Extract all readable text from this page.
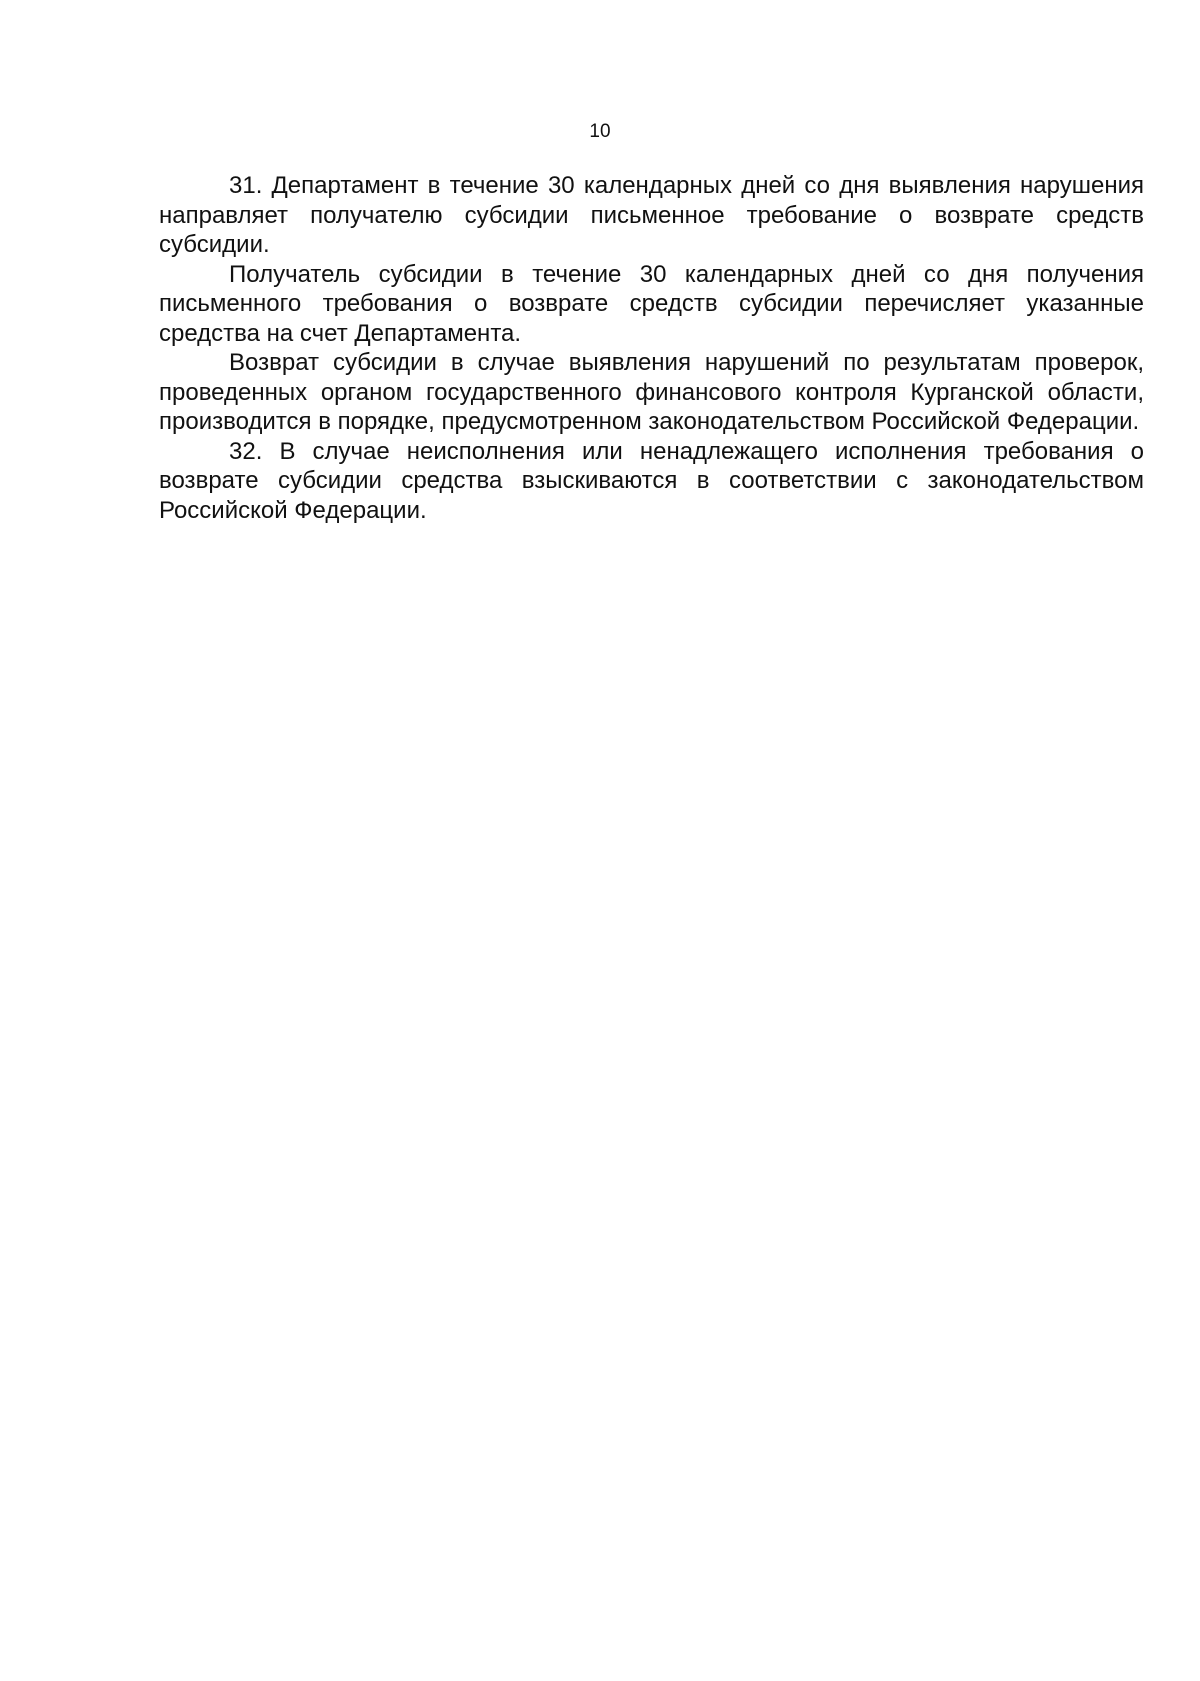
10

31. Департамент в течение 30 календарных дней со дня выявления нарушения направляет получателю субсидии письменное требование о возврате средств субсидии.

Получатель субсидии в течение 30 календарных дней со дня получения письменного требования о возврате средств субсидии перечисляет указанные средства на счет Департамента.

Возврат субсидии в случае выявления нарушений по результатам проверок, проведенных органом государственного финансового контроля Курганской области, производится в порядке, предусмотренном законодательством Российской Федерации.

32. В случае неисполнения или ненадлежащего исполнения требования о возврате субсидии средства взыскиваются в соответствии с законодательством Российской Федерации.
